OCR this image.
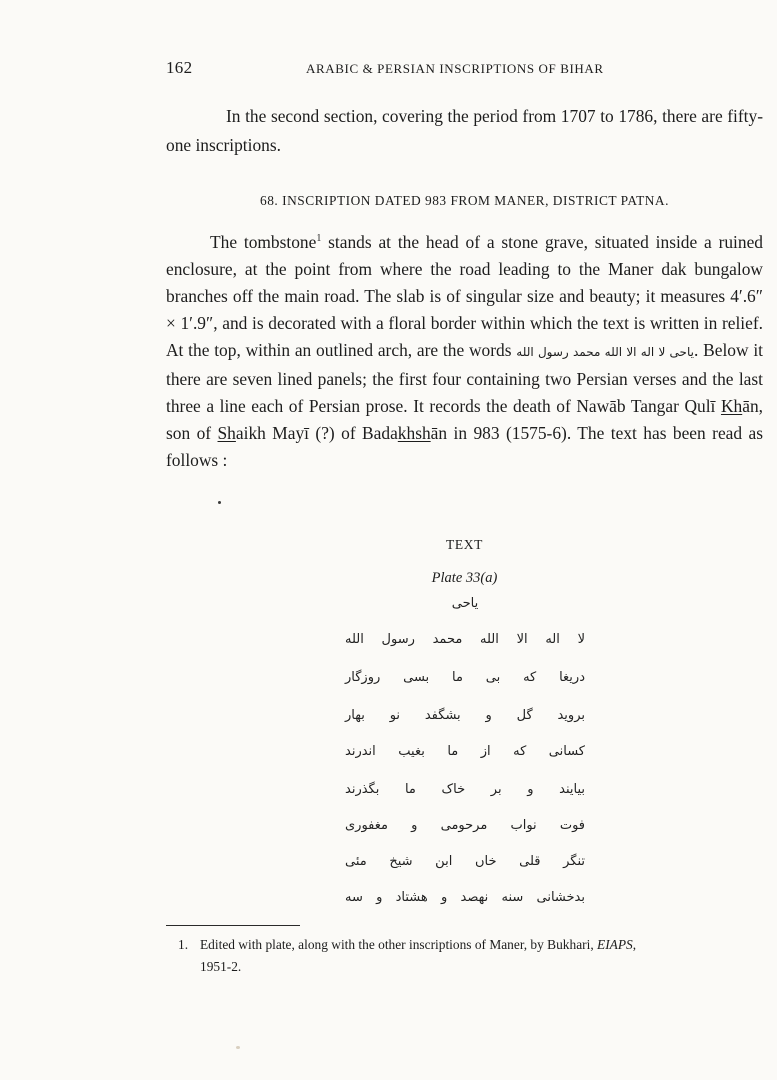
162	ARABIC & PERSIAN INSCRIPTIONS OF BIHAR

In the second section, covering the period from 1707 to 1786, there are fifty-one inscriptions.

68. INSCRIPTION DATED 983 FROM MANER, DISTRICT PATNA.

The tombstone$^1$ stands at the head of a stone grave, situated inside a ruined enclosure, at the point from where the road leading to the Maner dak bungalow branches off the main road. The slab is of singular size and beauty; it measures 4′.6″ × 1′.9″, and is decorated with a floral border within which the text is written in relief. At the top, within an outlined arch, are the words یاحی لا اله الا الله محمد رسول الله. Below it there are seven lined panels; the first four containing two Persian verses and the last three a line each of Persian prose. It records the death of Nawāb Tangar Qulī Khān, son of Shaikh Mayī (?) of Badakhshān in 983 (1575-6). The text has been read as follows :

TEXT
Plate 33(a)
یاحی
لا اله الا الله محمد رسول الله
دریغا که بی ما بسی روزگار
بروید گل و بشگفد نو بهار
کسانی که از ما بغیب اندرند
بیایند و بر خاک ما بگذرند
فوت نواب مرحومی و مغفوری
تنگر قلی خاں ابن شیخ مئی
بدخشانی سنه نهصد و هشتاد و سه
1. Edited with plate, along with the other inscriptions of Maner, by Bukhari, EIAPS,
1951-2.
